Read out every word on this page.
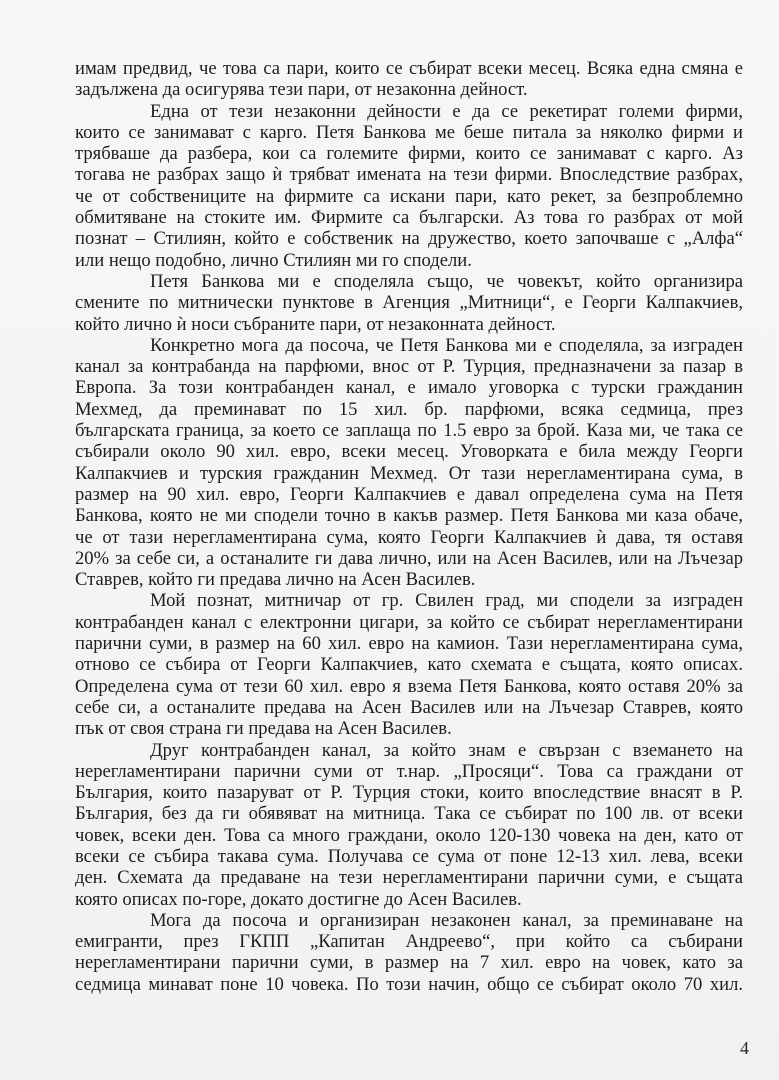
имам предвид, че това са пари, които се събират всеки месец. Всяка една смяна е
задължена да осигурява тези пари, от незаконна дейност.
Една от тези незаконни дейности е да се рекетират големи фирми,
които се занимават с карго. Петя Банкова ме беше питала за няколко фирми и
трябваше да разбера, кои са големите фирми, които се занимават с карго. Аз
тогава не разбрах защо ѝ трябват имената на тези фирми. Впоследствие разбрах,
че от собствениците на фирмите са искани пари, като рекет, за безпроблемно
обмитяване на стоките им. Фирмите са български. Аз това го разбрах от мой
познат – Стилиян, който е собственик на дружество, което започваше с „Алфа“
или нещо подобно, лично Стилиян ми го сподели.
Петя Банкова ми е споделяла също, че човекът, който организира
смените по митнически пунктове в Агенция „Митници“, е Георги Калпакчиев,
който лично ѝ носи събраните пари, от незаконната дейност.
Конкретно мога да посоча, че Петя Банкова ми е споделяла, за изграден
канал за контрабанда на парфюми, внос от Р. Турция, предназначени за пазар в
Европа. За този контрабанден канал, е имало уговорка с турски гражданин
Мехмед, да преминават по 15 хил. бр. парфюми, всяка седмица, през
българската граница, за което се заплаща по 1.5 евро за брой. Каза ми, че така се
събирали около 90 хил. евро, всеки месец. Уговорката е била между Георги
Калпакчиев и турския гражданин Мехмед. От тази нерегламентирана сума, в
размер на 90 хил. евро, Георги Калпакчиев е давал определена сума на Петя
Банкова, която не ми сподели точно в какъв размер. Петя Банкова ми каза обаче,
че от тази нерегламентирана сума, която Георги Калпакчиев ѝ дава, тя оставя
20% за себе си, а останалите ги дава лично, или на Асен Василев, или на Лъчезар
Ставрев, който ги предава лично на Асен Василев.
Мой познат, митничар от гр. Свилен град, ми сподели за изграден
контрабанден канал с електронни цигари, за който се събират нерегламентирани
парични суми, в размер на 60 хил. евро на камион. Тази нерегламентирана сума,
отново се събира от Георги Калпакчиев, като схемата е същата, която описах.
Определена сума от тези 60 хил. евро я взема Петя Банкова, която оставя 20% за
себе си, а останалите предава на Асен Василев или на Лъчезар Ставрев, която
пък от своя страна ги предава на Асен Василев.
Друг контрабанден канал, за който знам е свързан с вземането на
нерегламентирани парични суми от т.нар. „Просяци“. Това са граждани от
България, които пазаруват от Р. Турция стоки, които впоследствие внасят в Р.
България, без да ги обявяват на митница. Така се събират по 100 лв. от всеки
човек, всеки ден. Това са много граждани, около 120-130 човека на ден, като от
всеки се събира такава сума. Получава се сума от поне 12-13 хил. лева, всеки
ден. Схемата да предаване на тези нерегламентирани парични суми, е същата
която описах по-горе, докато достигне до Асен Василев.
Мога да посоча и организиран незаконен канал, за преминаване на
емигранти, през ГКПП „Капитан Андреево“, при който са събирани
нерегламентирани парични суми, в размер на 7 хил. евро на човек, като за
седмица минават поне 10 човека. По този начин, общо се събират около 70 хил.
4
